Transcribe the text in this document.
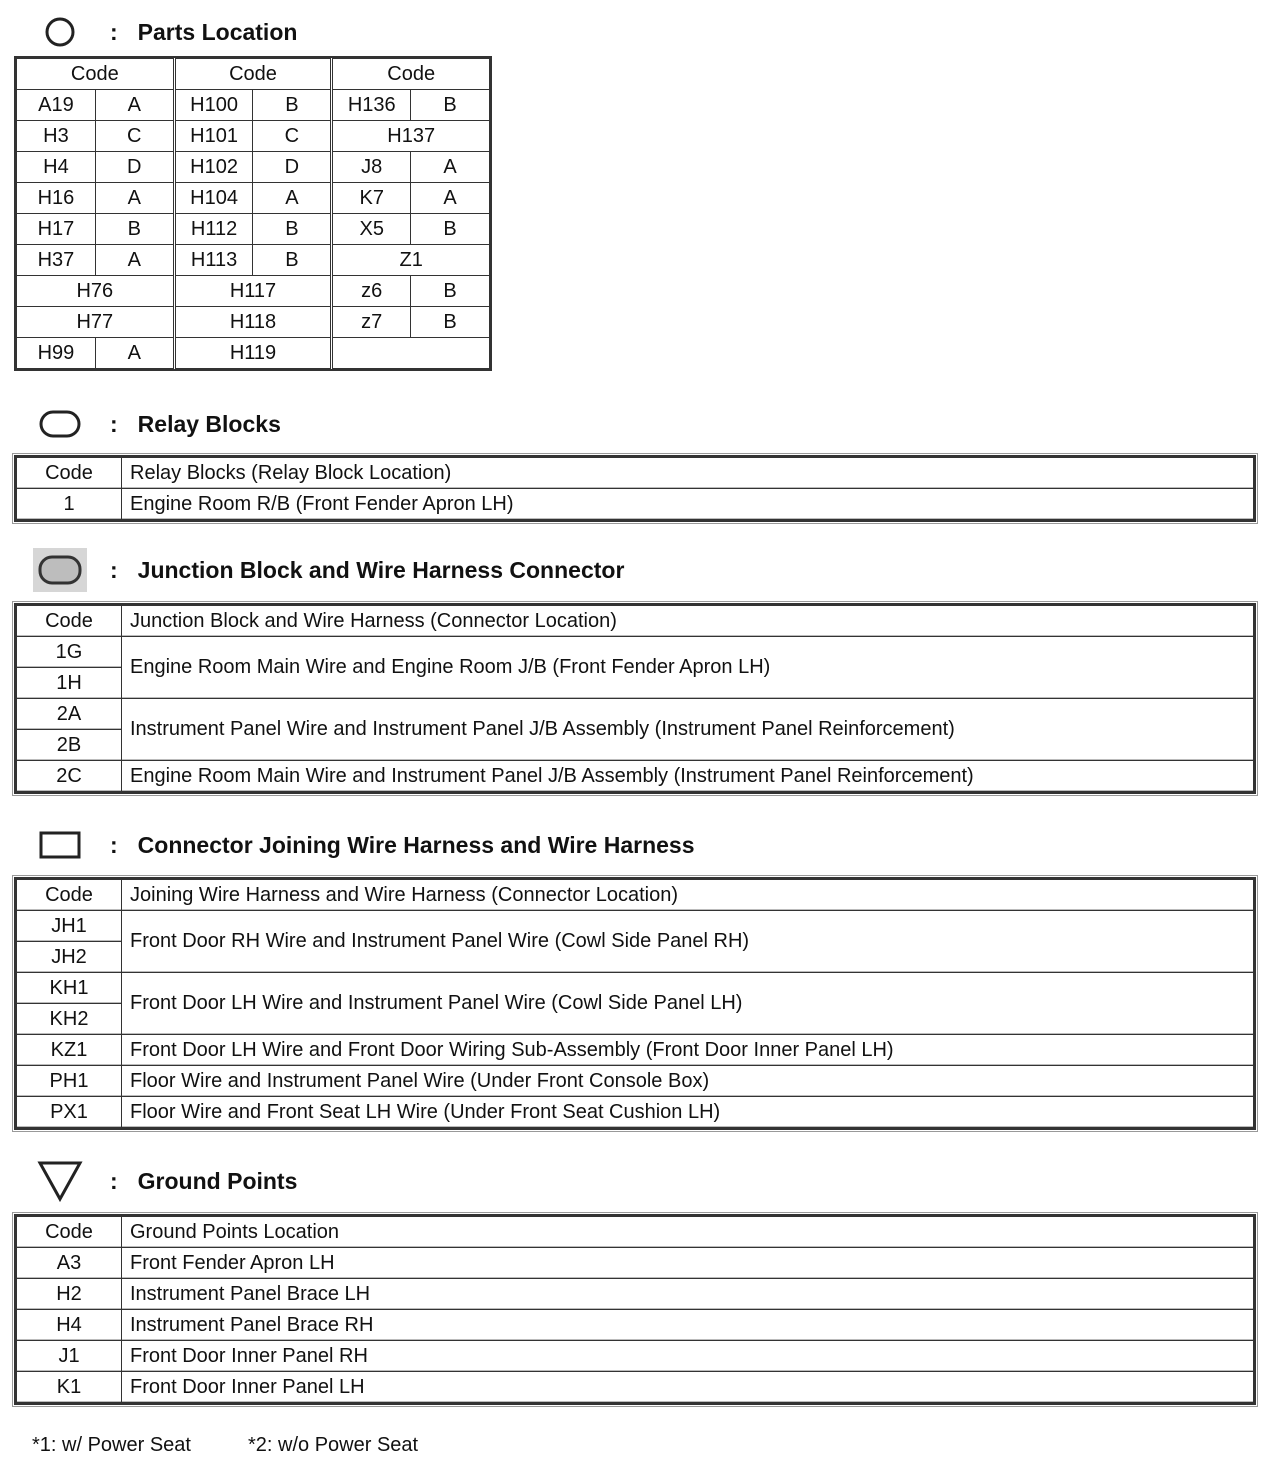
: Parts Location
Code		Code		Code	
A19	A	H100	B	H136	B
H3	C	H101	C	H137	
H4	D	H102	D	J8	A
H16	A	H104	A	K7	A
H17	B	H112	B	X5	B
H37	A	H113	B	Z1	
H76		H117		z6	B
H77		H118		z7	B
H99	A	H119			
: Relay Blocks
Code	Relay Blocks (Relay Block Location)
1	Engine Room R/B (Front Fender Apron LH)
: Junction Block and Wire Harness Connector
Code	Junction Block and Wire Harness (Connector Location)
1G	Engine Room Main Wire and Engine Room J/B (Front Fender Apron LH)
1H	
2A	Instrument Panel Wire and Instrument Panel J/B Assembly (Instrument Panel Reinforcement)
2B	
2C	Engine Room Main Wire and Instrument Panel J/B Assembly (Instrument Panel Reinforcement)
: Connector Joining Wire Harness and Wire Harness
Code	Joining Wire Harness and Wire Harness (Connector Location)
JH1	Front Door RH Wire and Instrument Panel Wire (Cowl Side Panel RH)
JH2	
KH1	Front Door LH Wire and Instrument Panel Wire (Cowl Side Panel LH)
KH2	
KZ1	Front Door LH Wire and Front Door Wiring Sub-Assembly (Front Door Inner Panel LH)
PH1	Floor Wire and Instrument Panel Wire (Under Front Console Box)
PX1	Floor Wire and Front Seat LH Wire (Under Front Seat Cushion LH)
: Ground Points
Code	Ground Points Location
A3	Front Fender Apron LH
H2	Instrument Panel Brace LH
H4	Instrument Panel Brace RH
J1	Front Door Inner Panel RH
K1	Front Door Inner Panel LH
*1: w/ Power Seat	*2: w/o Power Seat
